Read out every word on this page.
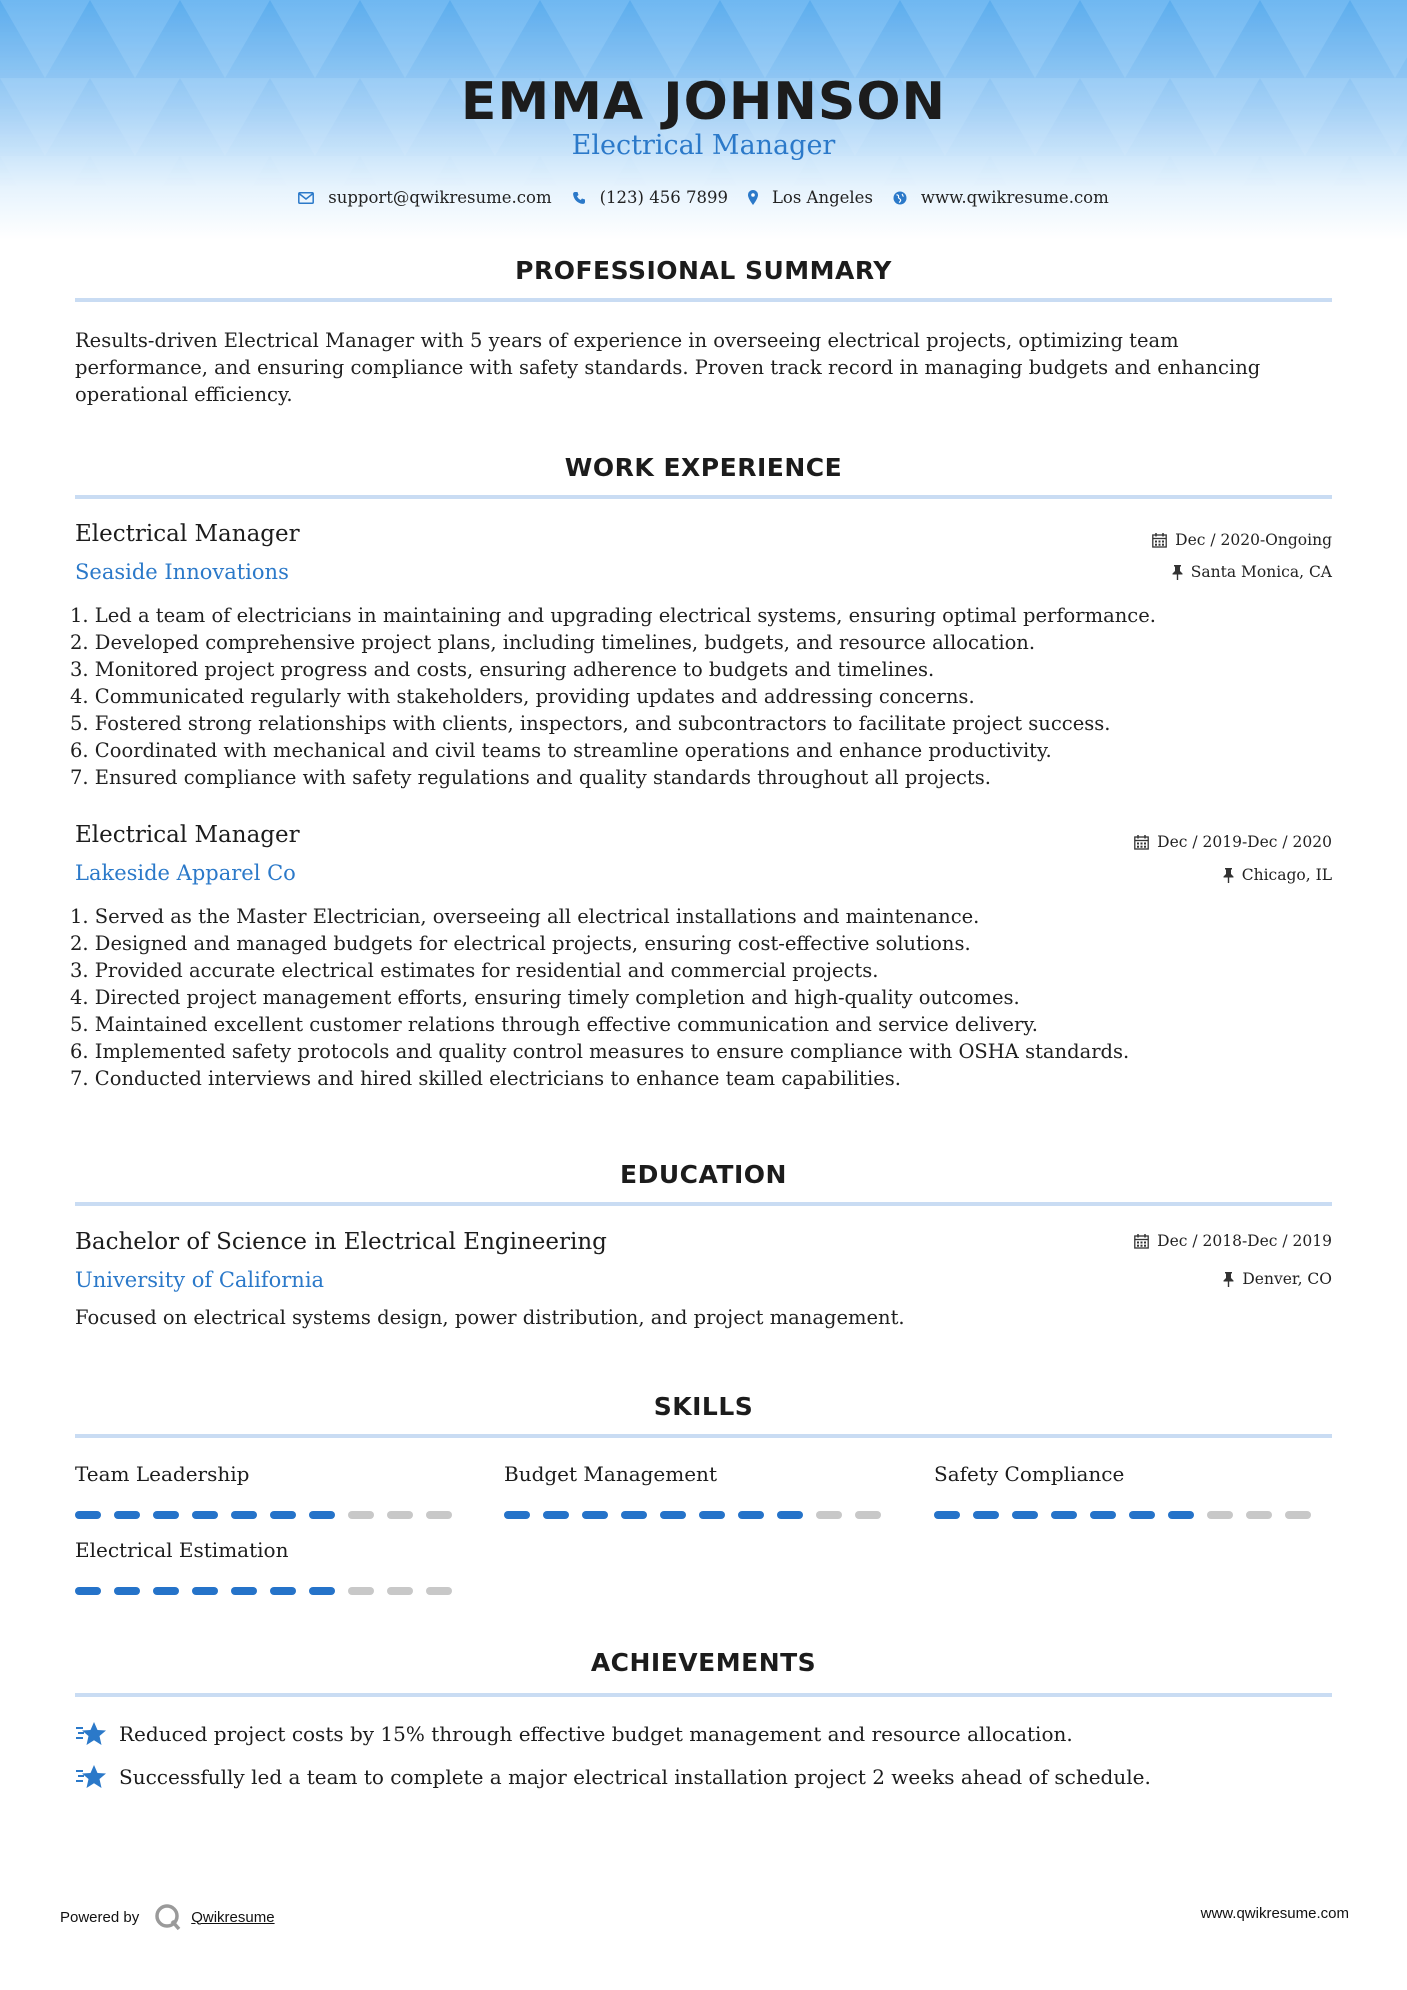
EMMA JOHNSON
Electrical Manager
support@qwikresume.com	(123) 456 7899	Los Angeles	www.qwikresume.com
PROFESSIONAL SUMMARY
Results-driven Electrical Manager with 5 years of experience in overseeing electrical projects, optimizing team
performance, and ensuring compliance with safety standards. Proven track record in managing budgets and enhancing
operational efficiency.
WORK EXPERIENCE
Electrical Manager
Seaside Innovations
Dec / 2020-Ongoing
Santa Monica, CA
1. Led a team of electricians in maintaining and upgrading electrical systems, ensuring optimal performance.
2. Developed comprehensive project plans, including timelines, budgets, and resource allocation.
3. Monitored project progress and costs, ensuring adherence to budgets and timelines.
4. Communicated regularly with stakeholders, providing updates and addressing concerns.
5. Fostered strong relationships with clients, inspectors, and subcontractors to facilitate project success.
6. Coordinated with mechanical and civil teams to streamline operations and enhance productivity.
7. Ensured compliance with safety regulations and quality standards throughout all projects.
Electrical Manager
Lakeside Apparel Co
Dec / 2019-Dec / 2020
Chicago, IL
1. Served as the Master Electrician, overseeing all electrical installations and maintenance.
2. Designed and managed budgets for electrical projects, ensuring cost-effective solutions.
3. Provided accurate electrical estimates for residential and commercial projects.
4. Directed project management efforts, ensuring timely completion and high-quality outcomes.
5. Maintained excellent customer relations through effective communication and service delivery.
6. Implemented safety protocols and quality control measures to ensure compliance with OSHA standards.
7. Conducted interviews and hired skilled electricians to enhance team capabilities.
EDUCATION
Bachelor of Science in Electrical Engineering
University of California
Dec / 2018-Dec / 2019
Denver, CO
Focused on electrical systems design, power distribution, and project management.
SKILLS
Team Leadership	Budget Management	Safety Compliance
Electrical Estimation
ACHIEVEMENTS
Reduced project costs by 15% through effective budget management and resource allocation.
Successfully led a team to complete a major electrical installation project 2 weeks ahead of schedule.
Powered by	Qwikresume	www.qwikresume.com
